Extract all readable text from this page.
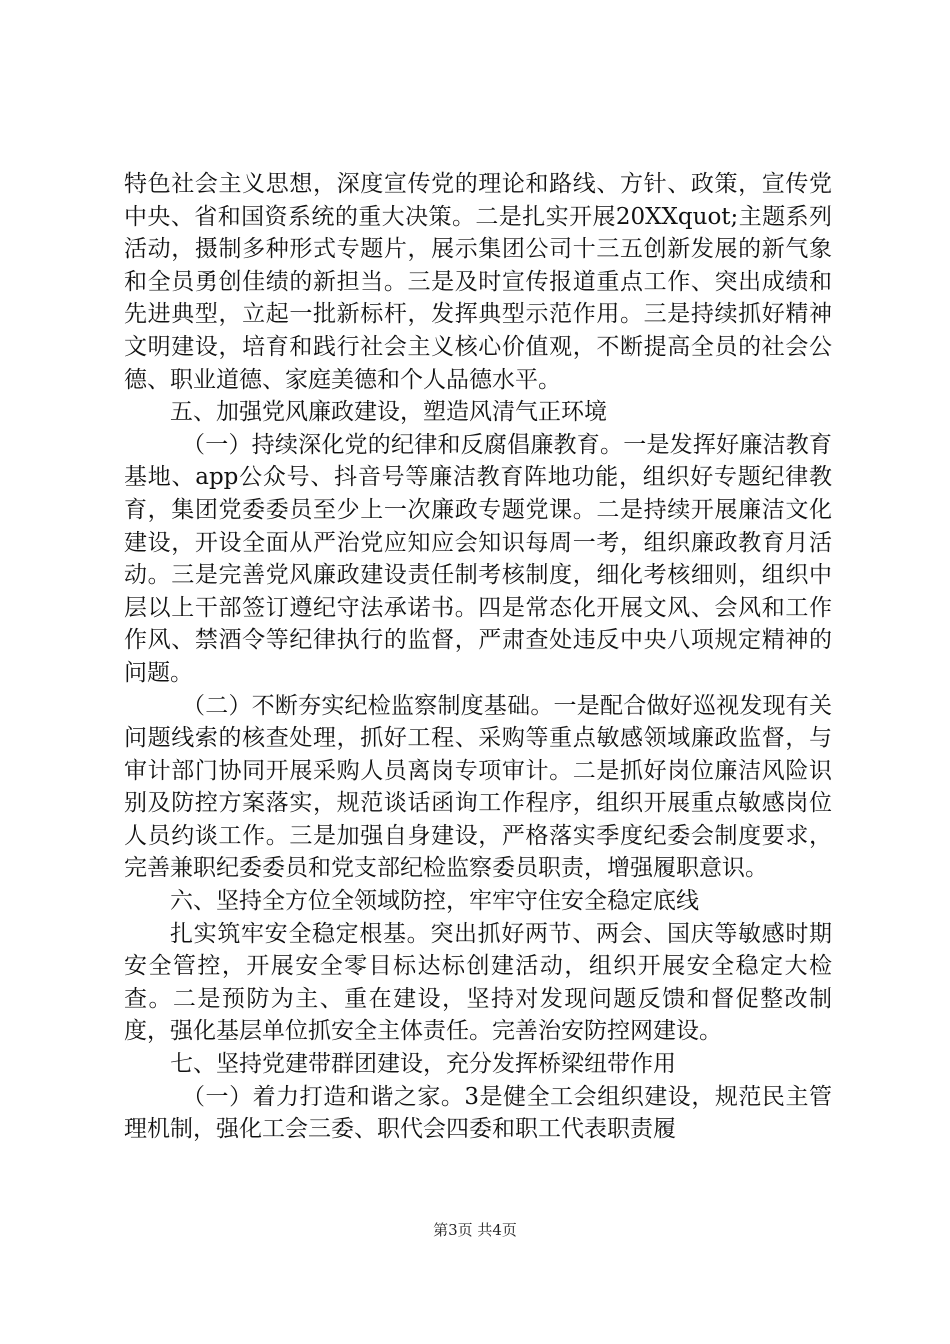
特色社会主义思想，深度宣传党的理论和路线、方针、政策，宣传党中央、省和国资系统的重大决策。二是扎实开展20XXquot;主题系列活动，摄制多种形式专题片，展示集团公司十三五创新发展的新气象和全员勇创佳绩的新担当。三是及时宣传报道重点工作、突出成绩和先进典型，立起一批新标杆，发挥典型示范作用。三是持续抓好精神文明建设，培育和践行社会主义核心价值观，不断提高全员的社会公德、职业道德、家庭美德和个人品德水平。

五、加强党风廉政建设，塑造风清气正环境

（一）持续深化党的纪律和反腐倡廉教育。一是发挥好廉洁教育基地、app公众号、抖音号等廉洁教育阵地功能，组织好专题纪律教育，集团党委委员至少上一次廉政专题党课。二是持续开展廉洁文化建设，开设全面从严治党应知应会知识每周一考，组织廉政教育月活动。三是完善党风廉政建设责任制考核制度，细化考核细则，组织中层以上干部签订遵纪守法承诺书。四是常态化开展文风、会风和工作作风、禁酒令等纪律执行的监督，严肃查处违反中央八项规定精神的问题。

（二）不断夯实纪检监察制度基础。一是配合做好巡视发现有关问题线索的核查处理，抓好工程、采购等重点敏感领域廉政监督，与审计部门协同开展采购人员离岗专项审计。二是抓好岗位廉洁风险识别及防控方案落实，规范谈话函询工作程序，组织开展重点敏感岗位人员约谈工作。三是加强自身建设，严格落实季度纪委会制度要求，完善兼职纪委委员和党支部纪检监察委员职责，增强履职意识。

六、坚持全方位全领域防控，牢牢守住安全稳定底线

扎实筑牢安全稳定根基。突出抓好两节、两会、国庆等敏感时期安全管控，开展安全零目标达标创建活动，组织开展安全稳定大检查。二是预防为主、重在建设，坚持对发现问题反馈和督促整改制度，强化基层单位抓安全主体责任。完善治安防控网建设。

七、坚持党建带群团建设，充分发挥桥梁纽带作用

（一）着力打造和谐之家。3是健全工会组织建设，规范民主管理机制，强化工会三委、职代会四委和职工代表职责履

第3页 共4页
